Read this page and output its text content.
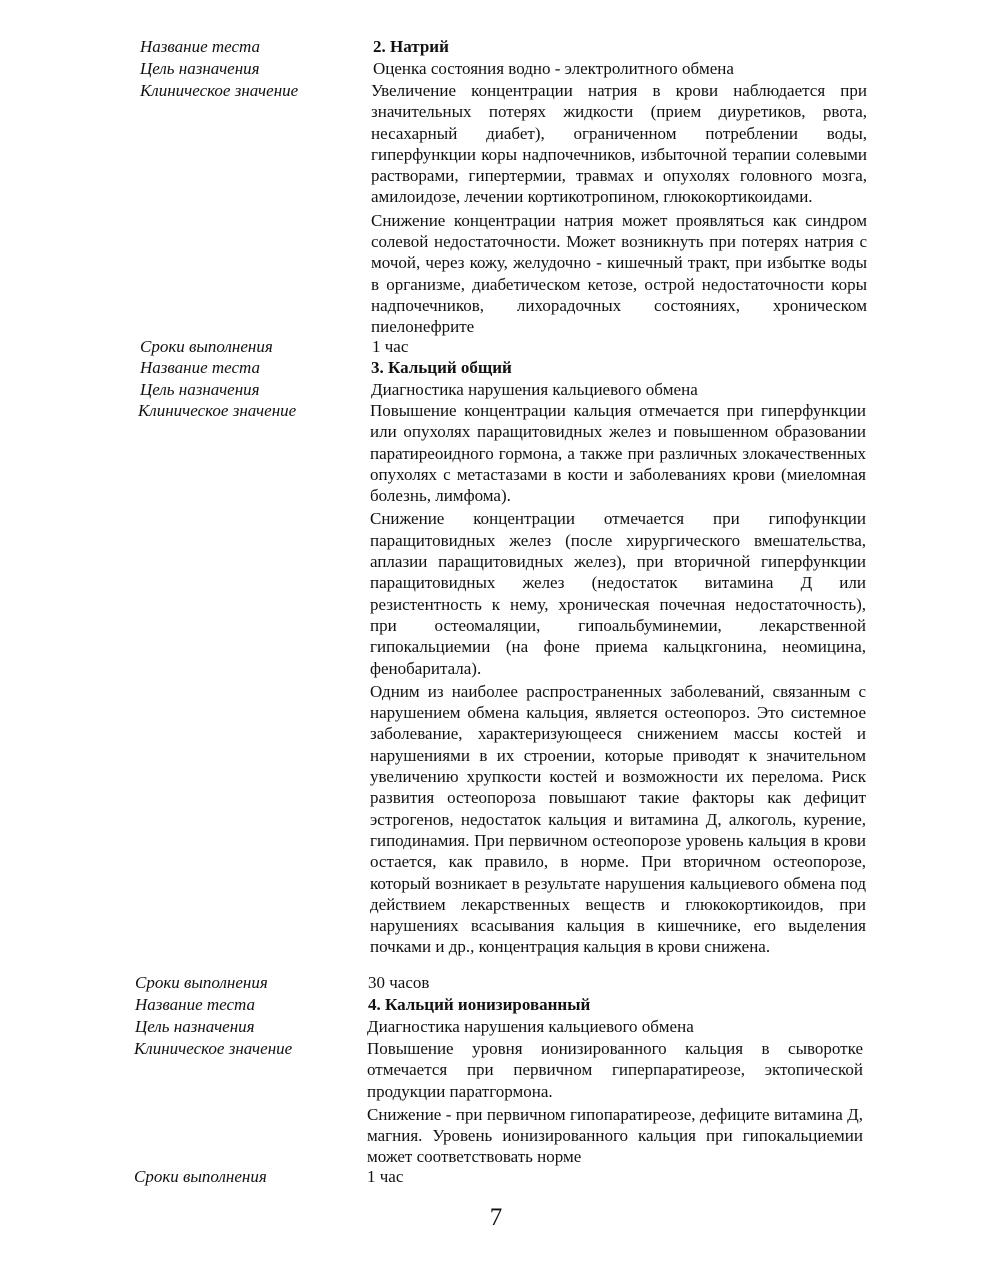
Название теста	2. Натрий
Цель назначения	Оценка состояния водно - электролитного обмена
Клиническое значение	Увеличение концентрации натрия в крови наблюдается при значительных потерях жидкости (прием диуретиков, рвота, несахарный диабет), ограниченном потреблении воды, гиперфункции коры надпочечников, избыточной терапии солевыми растворами, гипертермии, травмах и опухолях головного мозга, амилоидозе, лечении кортикотропином, глюкокортикоидами.

Снижение концентрации натрия может проявляться как синдром солевой недостаточности. Может возникнуть при потерях натрия с мочой, через кожу, желудочно - кишечный тракт, при избытке воды в организме, диабетическом кетозе, острой недостаточности коры надпочечников, лихорадочных состояниях, хроническом пиелонефрите

Сроки выполнения	1 час
Название теста	3. Кальций общий
Цель назначения	Диагностика нарушения кальциевого обмена
Клиническое значение	Повышение концентрации кальция отмечается при гиперфункции или опухолях паращитовидных желез и повышенном образовании паратиреоидного гормона, а также при различных злокачественных опухолях с метастазами в кости и заболеваниях крови (миеломная болезнь, лимфома).

Снижение концентрации отмечается при гипофункции паращитовидных желез (после хирургического вмешательства, аплазии паращитовидных желез), при вторичной гиперфункции паращитовидных желез (недостаток витамина Д или резистентность к нему, хроническая почечная недостаточность), при остеомаляции, гипоальбуминемии, лекарственной гипокальциемии (на фоне приема кальцкгонина, неомицина, фенобаритала).

Одним из наиболее распространенных заболеваний, связанным с нарушением обмена кальция, является остеопороз. Это системное заболевание, характеризующееся снижением массы костей и нарушениями в их строении, которые приводят к значительном увеличению хрупкости костей и возможности их перелома. Риск развития остеопороза повышают такие факторы как дефицит эстрогенов, недостаток кальция и витамина Д, алкоголь, курение, гиподинамия. При первичном остеопорозе уровень кальция в крови остается, как правило, в норме. При вторичном остеопорозе, который возникает в результате нарушения кальциевого обмена под действием лекарственных веществ и глюкокортикоидов, при нарушениях всасывания кальция в кишечнике, его выделения почками и др., концентрация кальция в крови снижена.

Сроки выполнения	30 часов
Название теста	4. Кальций ионизированный
Цель назначения	Диагностика нарушения кальциевого обмена
Клиническое значение	Повышение уровня ионизированного кальция в сыворотке отмечается при первичном гиперпаратиреозе, эктопической продукции паратгормона.

Снижение - при первичном гипопаратиреозе, дефиците витамина Д, магния. Уровень ионизированного кальция при гипокальциемии может соответствовать норме

Сроки выполнения	1 час
7
